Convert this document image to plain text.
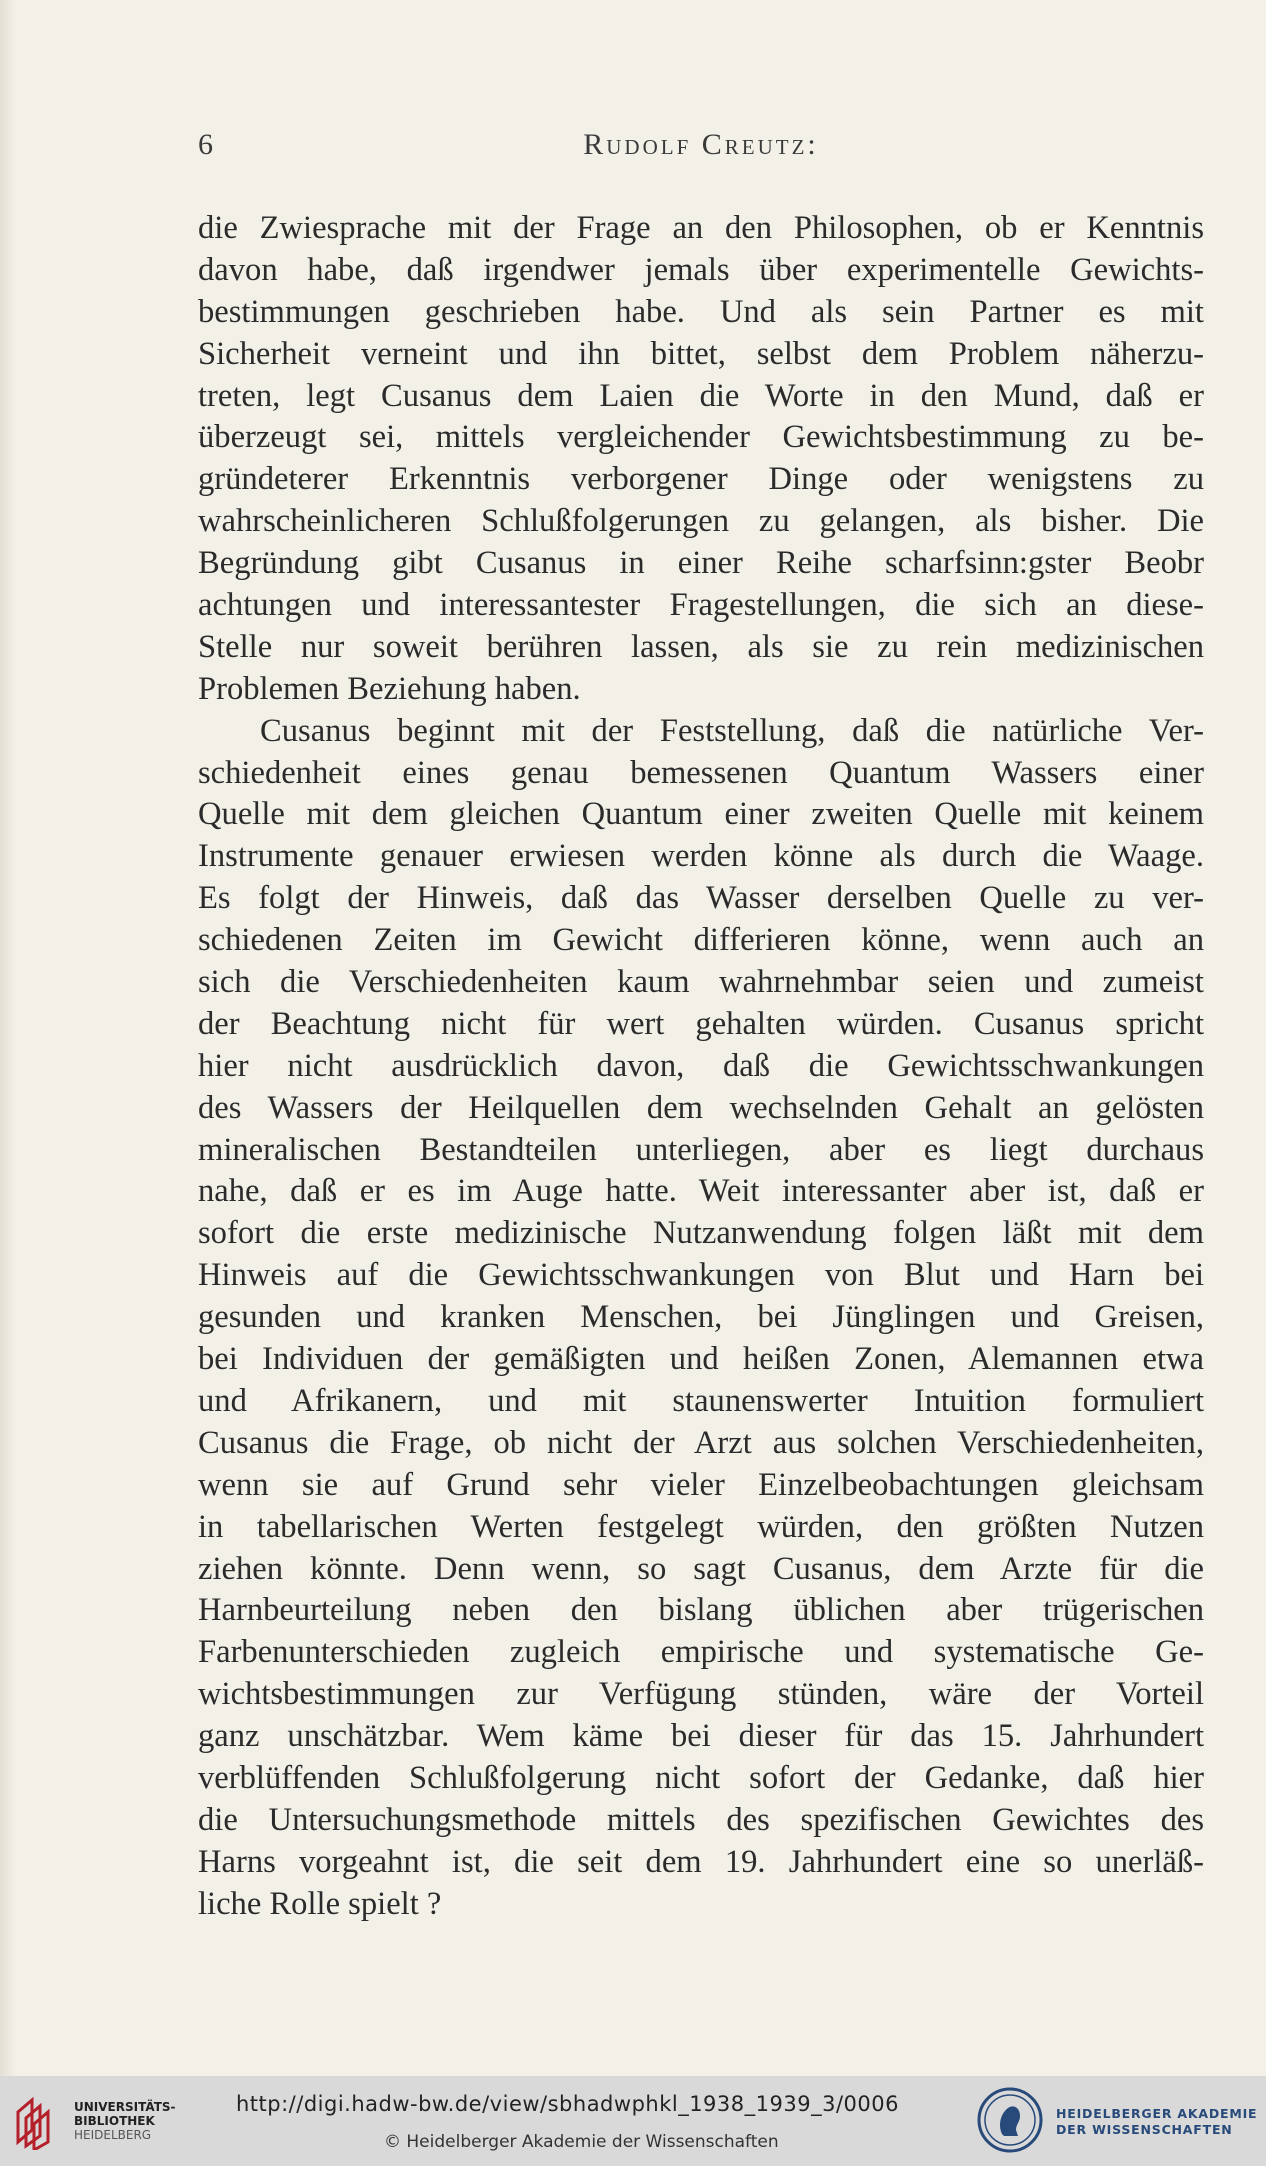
6	Rudolf Creutz:
die Zwiesprache mit der Frage an den Philosophen, ob er Kenntnis
davon habe, daß irgendwer jemals über experimentelle Gewichts-
bestimmungen geschrieben habe. Und als sein Partner es mit
Sicherheit verneint und ihn bittet, selbst dem Problem näherzu-
treten, legt Cusanus dem Laien die Worte in den Mund, daß er
überzeugt sei, mittels vergleichender Gewichtsbestimmung zu be-
gründeterer Erkenntnis verborgener Dinge oder wenigstens zu
wahrscheinlicheren Schlußfolgerungen zu gelangen, als bisher. Die
Begründung gibt Cusanus in einer Reihe scharfsinn:gster Beobr
achtungen und interessantester Fragestellungen, die sich an diese-
Stelle nur soweit berühren lassen, als sie zu rein medizinischen
Problemen Beziehung haben.
Cusanus beginnt mit der Feststellung, daß die natürliche Ver-
schiedenheit eines genau bemessenen Quantum Wassers einer
Quelle mit dem gleichen Quantum einer zweiten Quelle mit keinem
Instrumente genauer erwiesen werden könne als durch die Waage.
Es folgt der Hinweis, daß das Wasser derselben Quelle zu ver-
schiedenen Zeiten im Gewicht differieren könne, wenn auch an
sich die Verschiedenheiten kaum wahrnehmbar seien und zumeist
der Beachtung nicht für wert gehalten würden. Cusanus spricht
hier nicht ausdrücklich davon, daß die Gewichtsschwankungen
des Wassers der Heilquellen dem wechselnden Gehalt an gelösten
mineralischen Bestandteilen unterliegen, aber es liegt durchaus
nahe, daß er es im Auge hatte. Weit interessanter aber ist, daß er
sofort die erste medizinische Nutzanwendung folgen läßt mit dem
Hinweis auf die Gewichtsschwankungen von Blut und Harn bei
gesunden und kranken Menschen, bei Jünglingen und Greisen,
bei Individuen der gemäßigten und heißen Zonen, Alemannen etwa
und Afrikanern, und mit staunenswerter Intuition formuliert
Cusanus die Frage, ob nicht der Arzt aus solchen Verschiedenheiten,
wenn sie auf Grund sehr vieler Einzelbeobachtungen gleichsam
in tabellarischen Werten festgelegt würden, den größten Nutzen
ziehen könnte. Denn wenn, so sagt Cusanus, dem Arzte für die
Harnbeurteilung neben den bislang üblichen aber trügerischen
Farbenunterschieden zugleich empirische und systematische Ge-
wichtsbestimmungen zur Verfügung stünden, wäre der Vorteil
ganz unschätzbar. Wem käme bei dieser für das 15. Jahrhundert
verblüffenden Schlußfolgerung nicht sofort der Gedanke, daß hier
die Untersuchungsmethode mittels des spezifischen Gewichtes des
Harns vorgeahnt ist, die seit dem 19. Jahrhundert eine so unerläß-
liche Rolle spielt ?
UNIVERSITÄTS-
BIBLIOTHEK
HEIDELBERG
http://digi.hadw-bw.de/view/sbhadwphkl_1938_1939_3/0006
© Heidelberger Akademie der Wissenschaften
HEIDELBERGER AKADEMIE
DER WISSENSCHAFTEN
